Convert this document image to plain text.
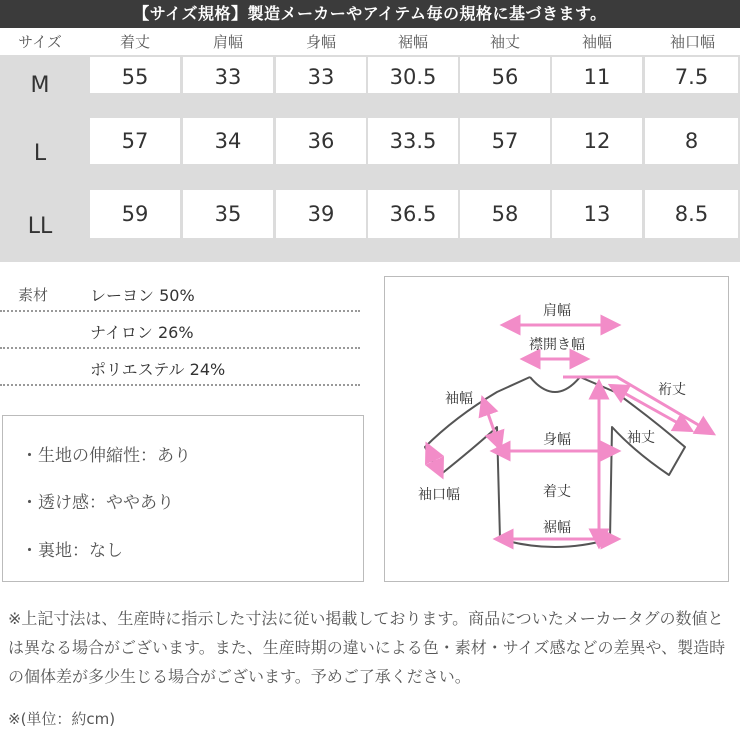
【サイズ規格】製造メーカーやアイテム毎の規格に基づきます。
サイズ	着丈	肩幅	身幅	裾幅	袖丈	袖幅	袖口幅
M	55	33	33	30.5	56	11	7.5
L	57	34	36	33.5	57	12	8
LL	59	35	39	36.5	58	13	8.5
素材	レーヨン 50%
ナイロン 26%
ポリエステル 24%
・生地の伸縮性：あり
・透け感：ややあり
・裏地：なし
肩幅
襟開き幅
裄丈
袖幅
袖丈
身幅
袖口幅	着丈
裾幅
※上記寸法は、生産時に指示した寸法に従い掲載しております。商品についたメーカータグの数値とは異なる場合がございます。また、生産時期の違いによる色・素材・サイズ感などの差異や、製造時の個体差が多少生じる場合がございます。予めご了承ください。
※(単位：約cm)
